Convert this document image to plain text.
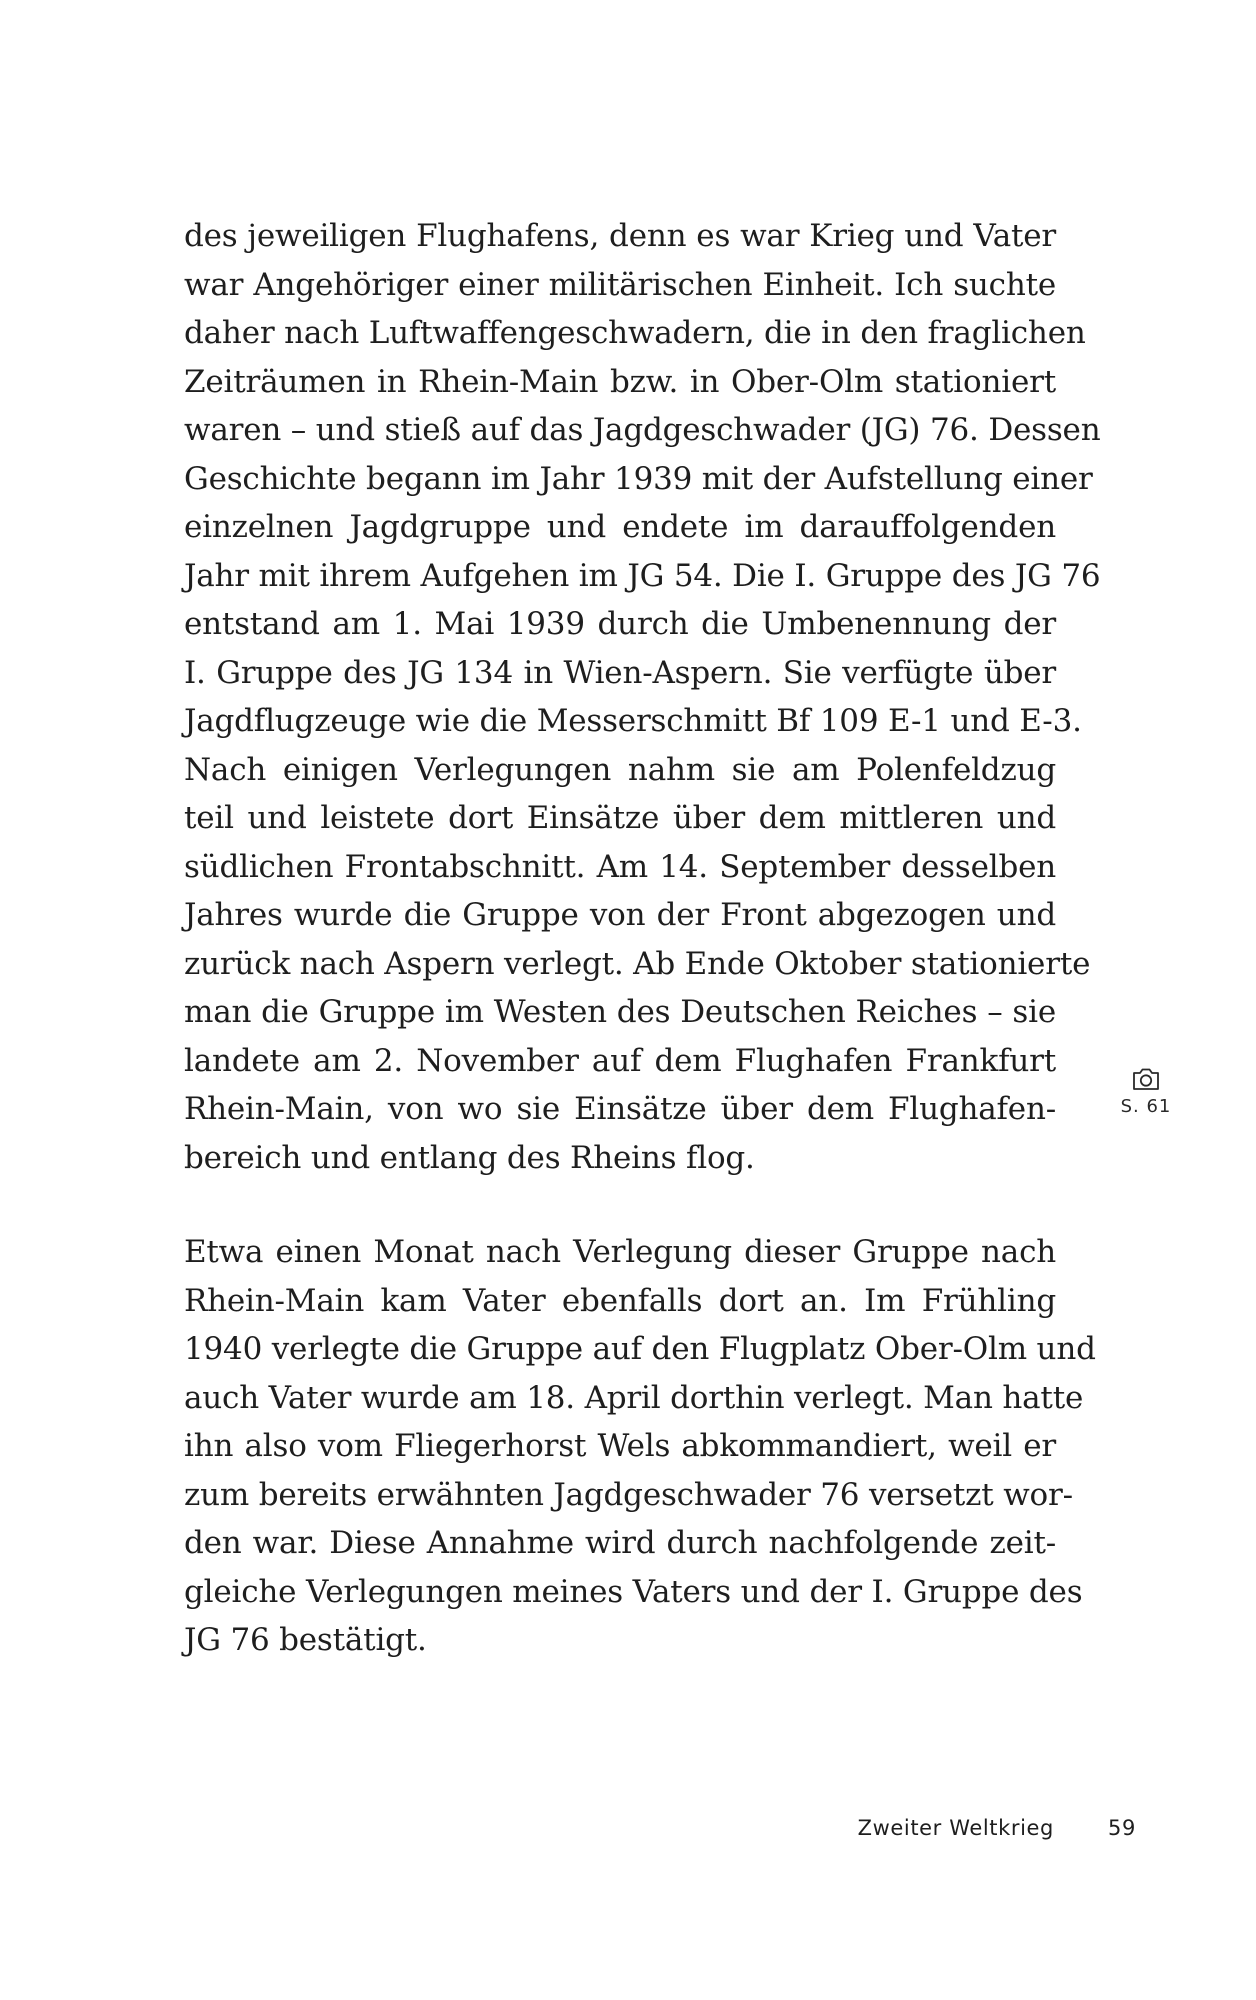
des jeweiligen Flughafens, denn es war Krieg und Vater
war Angehöriger einer militärischen Einheit. Ich suchte
daher nach Luftwaffengeschwadern, die in den fraglichen
Zeiträumen in Rhein-Main bzw. in Ober-Olm stationiert
waren – und stieß auf das Jagdgeschwader (JG) 76. Dessen
Geschichte begann im Jahr 1939 mit der Aufstellung einer
einzelnen Jagdgruppe und endete im darauffolgenden
Jahr mit ihrem Aufgehen im JG 54. Die I. Gruppe des JG 76
entstand am 1. Mai 1939 durch die Umbenennung der
I. Gruppe des JG 134 in Wien-Aspern. Sie verfügte über
Jagdflugzeuge wie die Messerschmitt Bf 109 E-1 und E-3.
Nach einigen Verlegungen nahm sie am Polenfeldzug
teil und leistete dort Einsätze über dem mittleren und
südlichen Frontabschnitt. Am 14. September desselben
Jahres wurde die Gruppe von der Front abgezogen und
zurück nach Aspern verlegt. Ab Ende Oktober stationierte
man die Gruppe im Westen des Deutschen Reiches – sie
landete am 2. November auf dem Flughafen Frankfurt
Rhein-Main, von wo sie Einsätze über dem Flughafen-
bereich und entlang des Rheins flog.
Etwa einen Monat nach Verlegung dieser Gruppe nach
Rhein-Main kam Vater ebenfalls dort an. Im Frühling
1940 verlegte die Gruppe auf den Flugplatz Ober-Olm und
auch Vater wurde am 18. April dorthin verlegt. Man hatte
ihn also vom Fliegerhorst Wels abkommandiert, weil er
zum bereits erwähnten Jagdgeschwader 76 versetzt wor-
den war. Diese Annahme wird durch nachfolgende zeit-
gleiche Verlegungen meines Vaters und der I. Gruppe des
JG 76 bestätigt.
S. 61
Zweiter Weltkrieg	59
